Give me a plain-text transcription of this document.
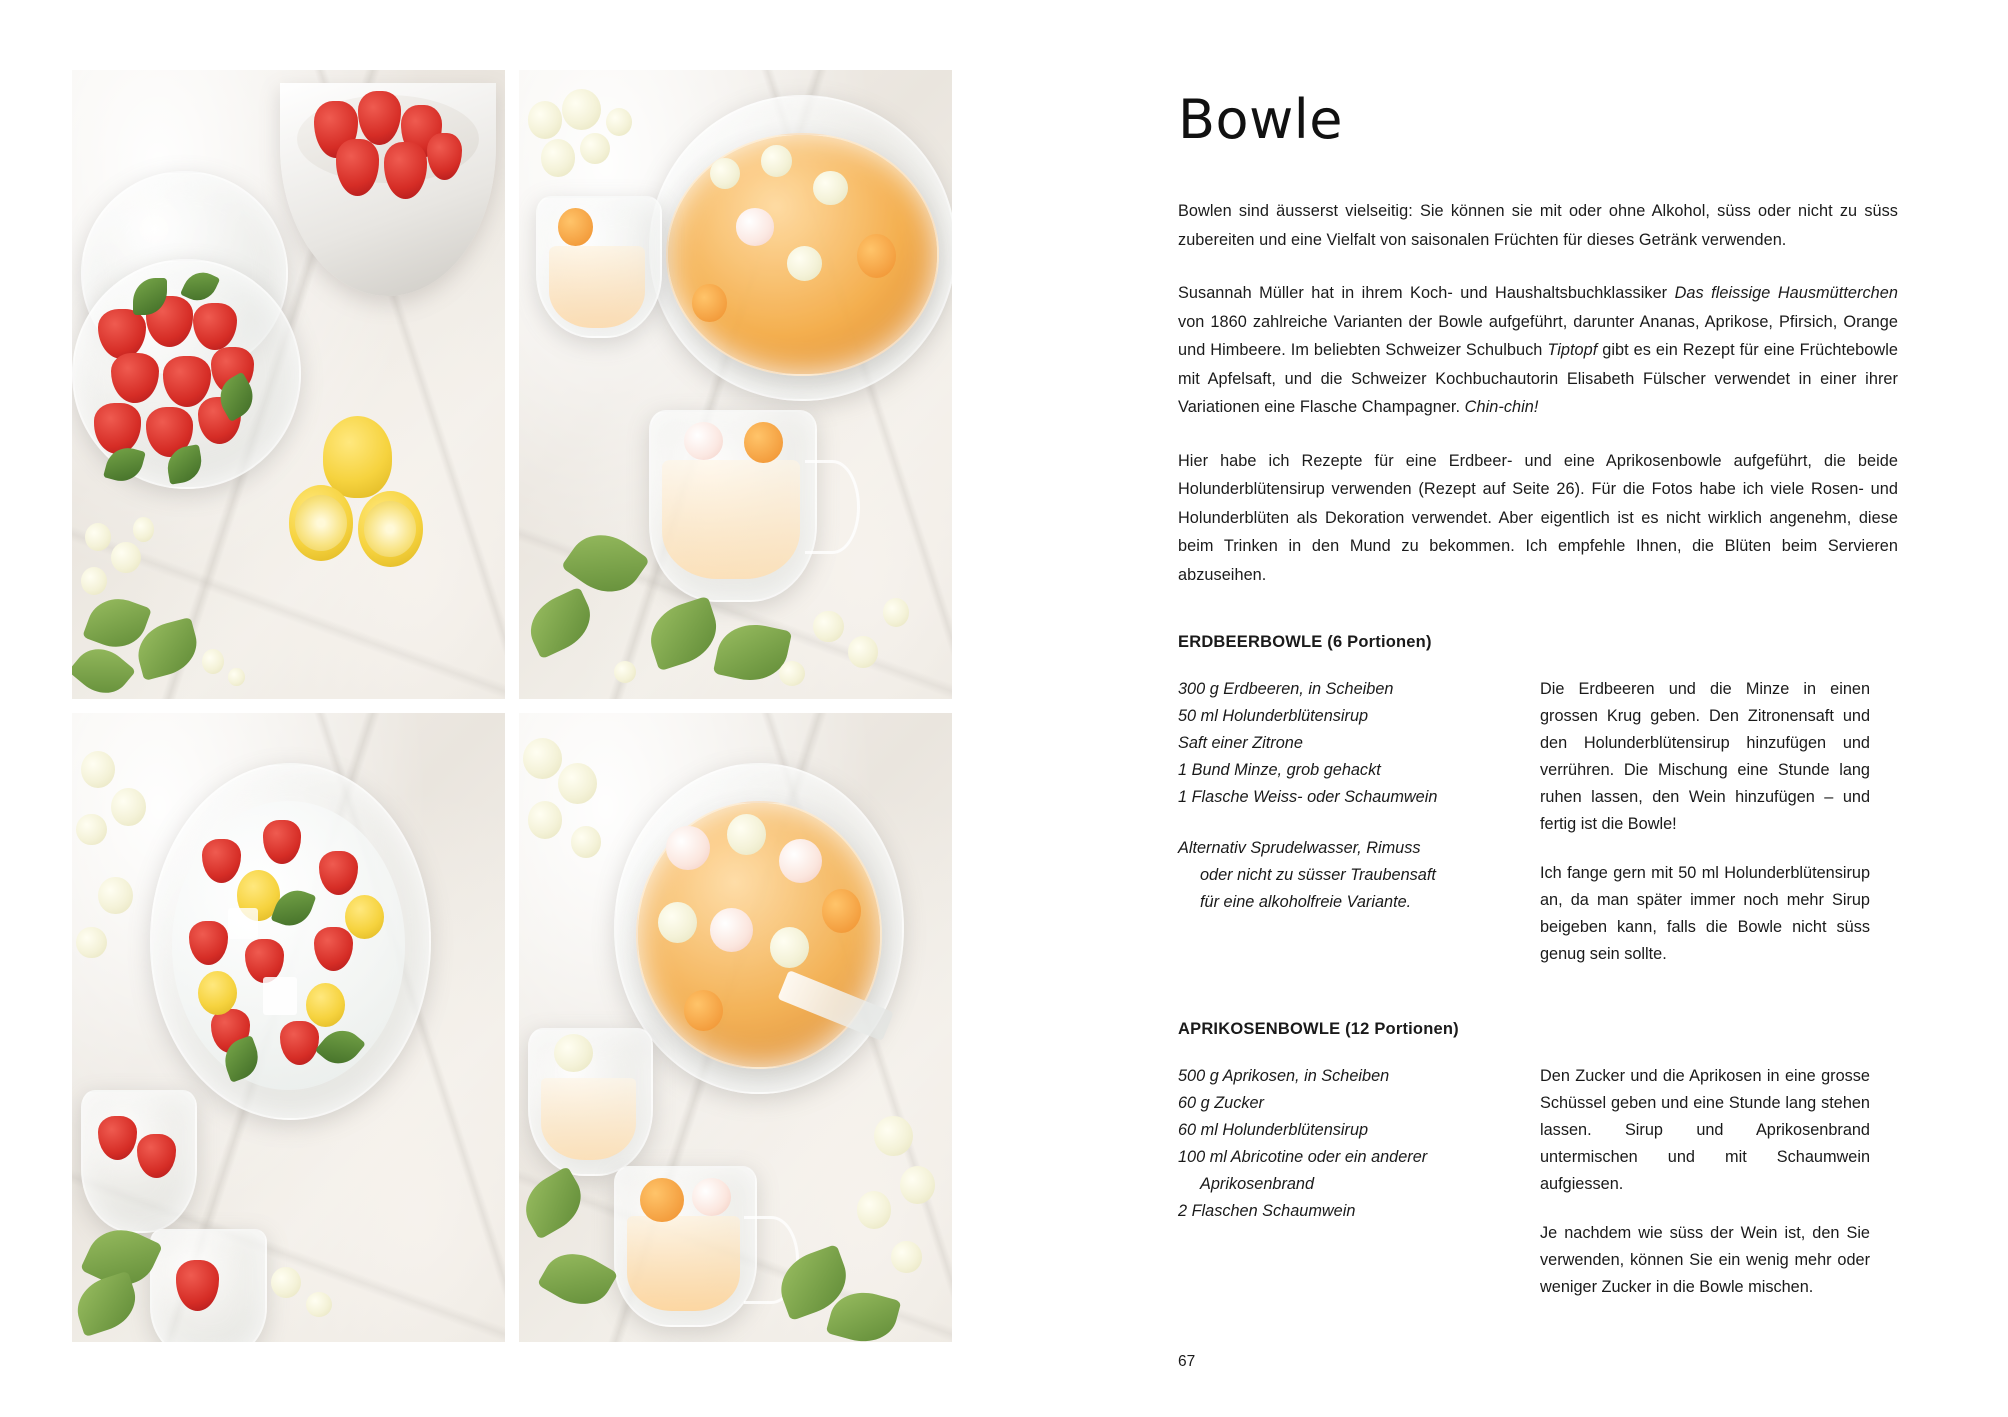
Bowle

Bowlen sind äusserst vielseitig: Sie können sie mit oder ohne Alkohol, süss oder nicht zu süss zubereiten und eine Vielfalt von saisonalen Früchten für dieses Getränk verwenden.

Susannah Müller hat in ihrem Koch- und Haushaltsbuchklassiker Das fleissige Hausmütterchen von 1860 zahlreiche Varianten der Bowle aufgeführt, darunter Ananas, Aprikose, Pfirsich, Orange und Himbeere. Im beliebten Schweizer Schulbuch Tiptopf gibt es ein Rezept für eine Früchtebowle mit Apfelsaft, und die Schweizer Kochbuchautorin Elisabeth Fülscher verwendet in einer ihrer Variationen eine Flasche Champagner. Chin-chin!

Hier habe ich Rezepte für eine Erdbeer- und eine Aprikosenbowle aufgeführt, die beide Holunderblütensirup verwenden (Rezept auf Seite 26). Für die Fotos habe ich viele Rosen- und Holunderblüten als Dekoration verwendet. Aber eigentlich ist es nicht wirklich angenehm, diese beim Trinken in den Mund zu bekommen. Ich empfehle Ihnen, die Blüten beim Servieren abzuseihen.

ERDBEERBOWLE (6 Portionen)
300 g Erdbeeren, in Scheiben
50 ml Holunderblütensirup
Saft einer Zitrone
1 Bund Minze, grob gehackt
1 Flasche Weiss- oder Schaumwein
Alternativ Sprudelwasser, Rimuss
oder nicht zu süsser Traubensaft
für eine alkoholfreie Variante.

Die Erdbeeren und die Minze in einen grossen Krug geben. Den Zitronensaft und den Holunderblütensirup hinzufügen und verrühren. Die Mischung eine Stunde lang ruhen lassen, den Wein hinzufügen – und fertig ist die Bowle!

Ich fange gern mit 50 ml Holunderblütensirup an, da man später immer noch mehr Sirup beigeben kann, falls die Bowle nicht süss genug sein sollte.

APRIKOSENBOWLE (12 Portionen)
500 g Aprikosen, in Scheiben
60 g Zucker
60 ml Holunderblütensirup
100 ml Abricotine oder ein anderer
Aprikosenbrand
2 Flaschen Schaumwein

Den Zucker und die Aprikosen in eine grosse Schüssel geben und eine Stunde lang stehen lassen. Sirup und Aprikosenbrand untermischen und mit Schaumwein aufgiessen.

Je nachdem wie süss der Wein ist, den Sie verwenden, können Sie ein wenig mehr oder weniger Zucker in die Bowle mischen.

67
